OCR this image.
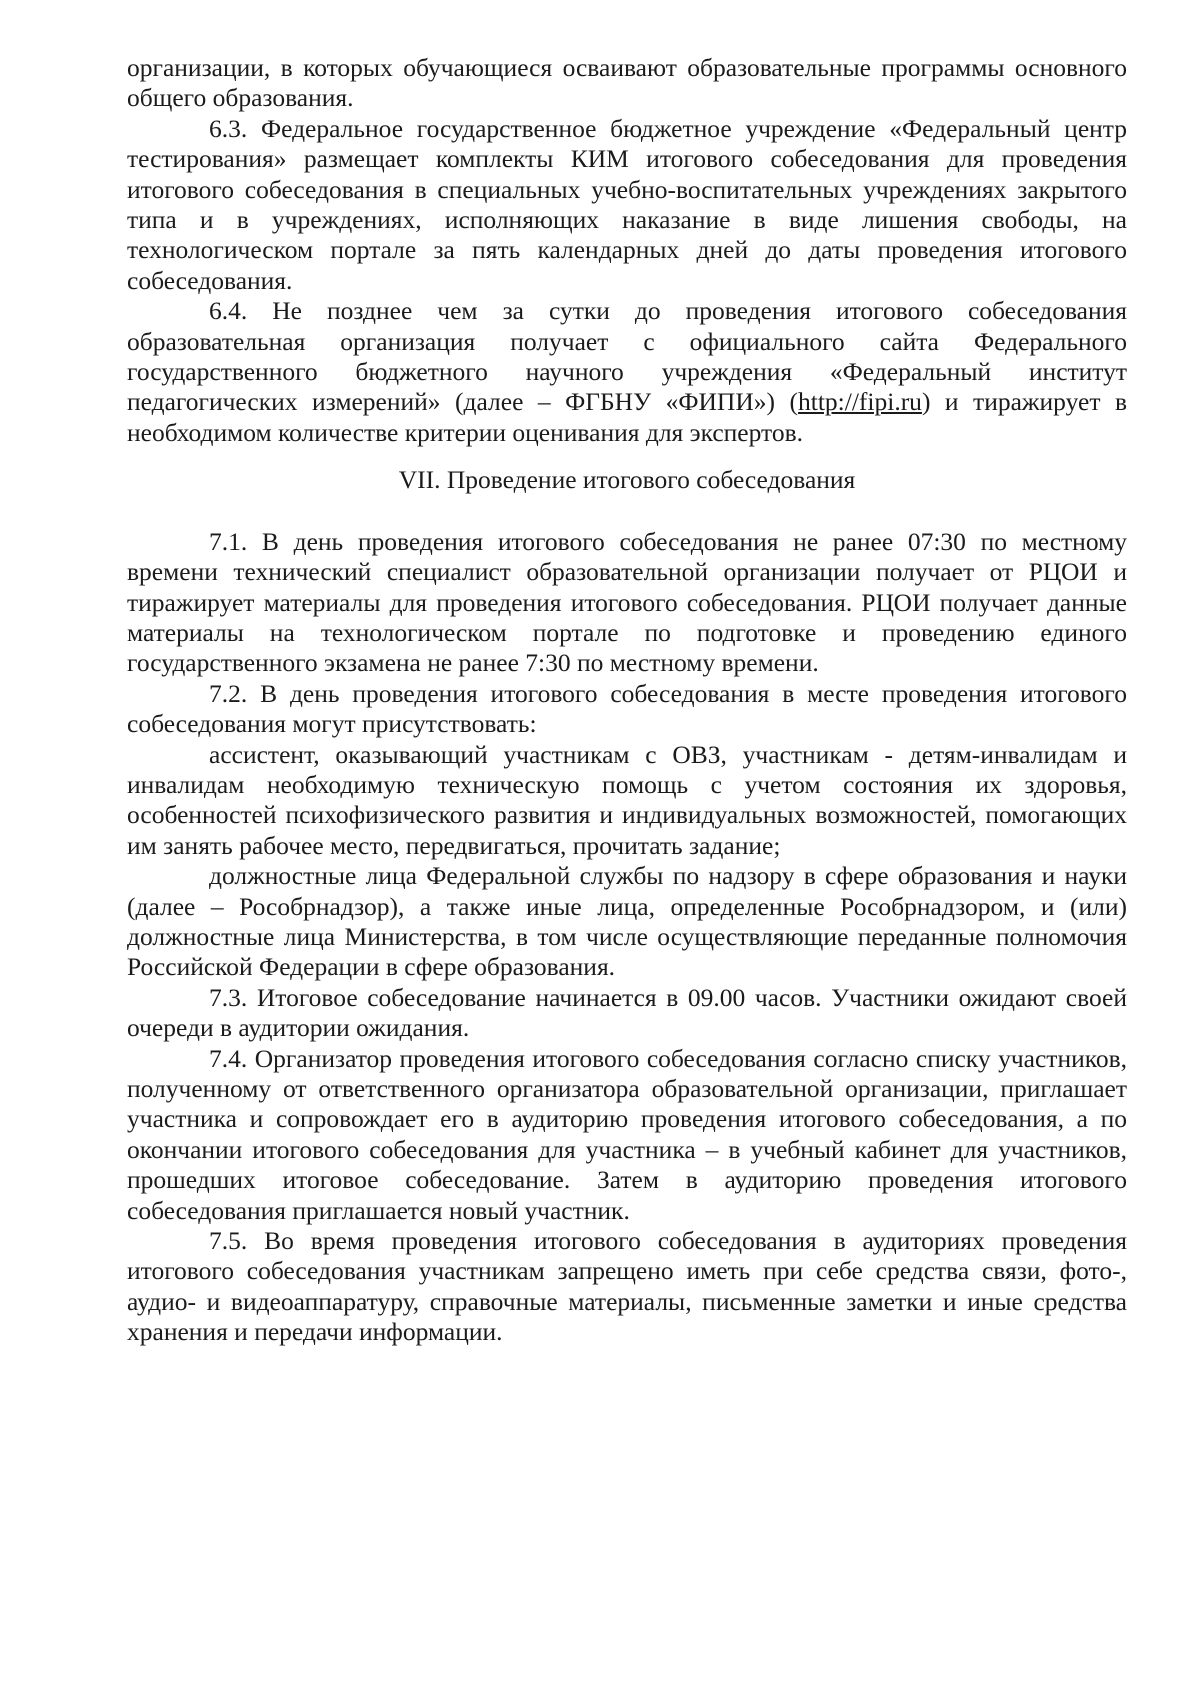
организации, в которых обучающиеся осваивают образовательные программы основного общего образования.

6.3. Федеральное государственное бюджетное учреждение «Федеральный центр тестирования» размещает комплекты КИМ итогового собеседования для проведения итогового собеседования в специальных учебно-воспитательных учреждениях закрытого типа и в учреждениях, исполняющих наказание в виде лишения свободы, на технологическом портале за пять календарных дней до даты проведения итогового собеседования.

6.4. Не позднее чем за сутки до проведения итогового собеседования образовательная организация получает с официального сайта Федерального государственного бюджетного научного учреждения «Федеральный институт педагогических измерений» (далее – ФГБНУ «ФИПИ») (http://fipi.ru) и тиражирует в необходимом количестве критерии оценивания для экспертов.

VII. Проведение итогового собеседования

7.1. В день проведения итогового собеседования не ранее 07:30 по местному времени технический специалист образовательной организации получает от РЦОИ и тиражирует материалы для проведения итогового собеседования. РЦОИ получает данные материалы на технологическом портале по подготовке и проведению единого государственного экзамена не ранее 7:30 по местному времени.

7.2. В день проведения итогового собеседования в месте проведения итогового собеседования могут присутствовать:

ассистент, оказывающий участникам с ОВЗ, участникам - детям-инвалидам и инвалидам необходимую техническую помощь с учетом состояния их здоровья, особенностей психофизического развития и индивидуальных возможностей, помогающих им занять рабочее место, передвигаться, прочитать задание;

должностные лица Федеральной службы по надзору в сфере образования и науки (далее – Рособрнадзор), а также иные лица, определенные Рособрнадзором, и (или) должностные лица Министерства, в том числе осуществляющие переданные полномочия Российской Федерации в сфере образования.

7.3. Итоговое собеседование начинается в 09.00 часов. Участники ожидают своей очереди в аудитории ожидания.

7.4. Организатор проведения итогового собеседования согласно списку участников, полученному от ответственного организатора образовательной организации, приглашает участника и сопровождает его в аудиторию проведения итогового собеседования, а по окончании итогового собеседования для участника – в учебный кабинет для участников, прошедших итоговое собеседование. Затем в аудиторию проведения итогового собеседования приглашается новый участник.

7.5. Во время проведения итогового собеседования в аудиториях проведения итогового собеседования участникам запрещено иметь при себе средства связи, фото-, аудио- и видеоаппаратуру, справочные материалы, письменные заметки и иные средства хранения и передачи информации.
